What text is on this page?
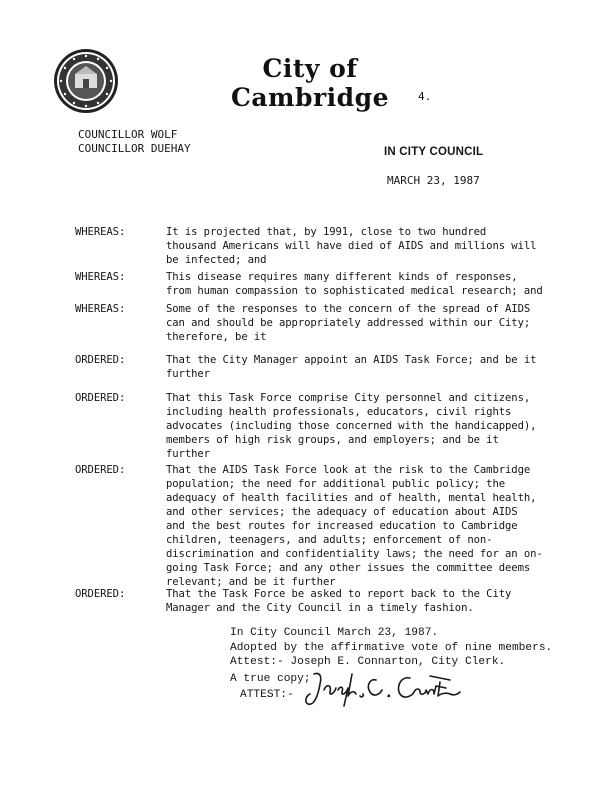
City of Cambridge	4.
COUNCILLOR WOLF
COUNCILLOR DUEHAY	IN CITY COUNCIL
MARCH 23, 1987
WHEREAS:	It is projected that, by 1991, close to two hundred
thousand Americans will have died of AIDS and millions will
be infected; and
WHEREAS:	This disease requires many different kinds of responses,
from human compassion to sophisticated medical research; and
WHEREAS:	Some of the responses to the concern of the spread of AIDS
can and should be appropriately addressed within our City;
therefore, be it
ORDERED:	That the City Manager appoint an AIDS Task Force; and be it
further
ORDERED:	That this Task Force comprise City personnel and citizens,
including health professionals, educators, civil rights
advocates (including those concerned with the handicapped),
members of high risk groups, and employers; and be it
further
ORDERED:	That the AIDS Task Force look at the risk to the Cambridge
population; the need for additional public policy; the
adequacy of health facilities and of health, mental health,
and other services; the adequacy of education about AIDS
and the best routes for increased education to Cambridge
children, teenagers, and adults; enforcement of non-
discrimination and confidentiality laws; the need for an on-
going Task Force; and any other issues the committee deems
relevant; and be it further
ORDERED:	That the Task Force be asked to report back to the City
Manager and the City Council in a timely fashion.
In City Council March 23, 1987.
Adopted by the affirmative vote of nine members.
Attest:- Joseph E. Connarton, City Clerk.
A true copy;
ATTEST:-
